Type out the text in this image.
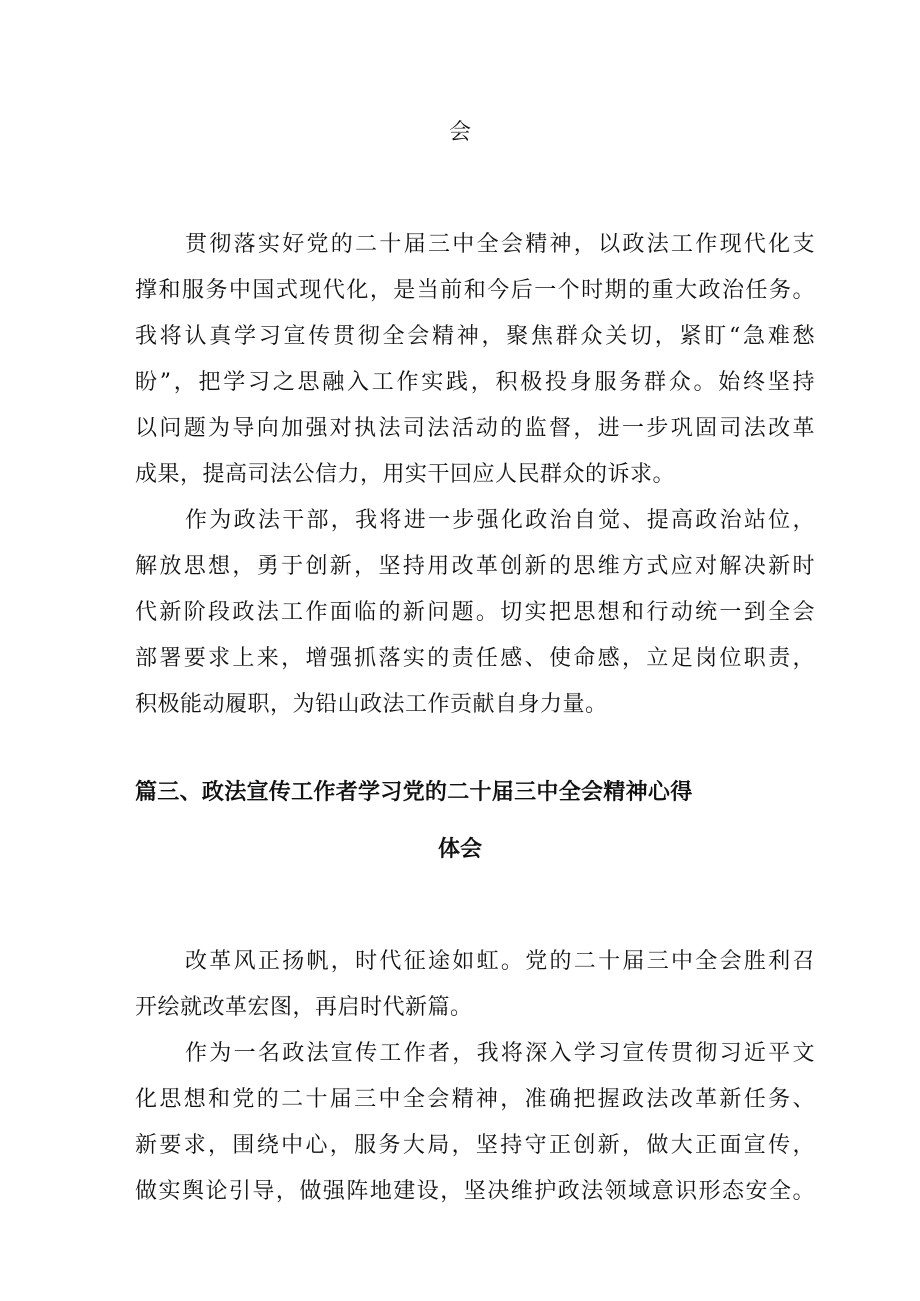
会
贯彻落实好党的二十届三中全会精神，以政法工作现代化支
撑和服务中国式现代化，是当前和今后一个时期的重大政治任务。
我将认真学习宣传贯彻全会精神，聚焦群众关切，紧盯“急难愁
盼”，把学习之思融入工作实践，积极投身服务群众。始终坚持
以问题为导向加强对执法司法活动的监督，进一步巩固司法改革
成果，提高司法公信力，用实干回应人民群众的诉求。
作为政法干部，我将进一步强化政治自觉、提高政治站位，
解放思想，勇于创新，坚持用改革创新的思维方式应对解决新时
代新阶段政法工作面临的新问题。切实把思想和行动统一到全会
部署要求上来，增强抓落实的责任感、使命感，立足岗位职责，
积极能动履职，为铅山政法工作贡献自身力量。
篇三、政法宣传工作者学习党的二十届三中全会精神心得
体会
改革风正扬帆，时代征途如虹。党的二十届三中全会胜利召
开绘就改革宏图，再启时代新篇。
作为一名政法宣传工作者，我将深入学习宣传贯彻习近平文
化思想和党的二十届三中全会精神，准确把握政法改革新任务、
新要求，围绕中心，服务大局，坚持守正创新，做大正面宣传，
做实舆论引导，做强阵地建设，坚决维护政法领域意识形态安全。
